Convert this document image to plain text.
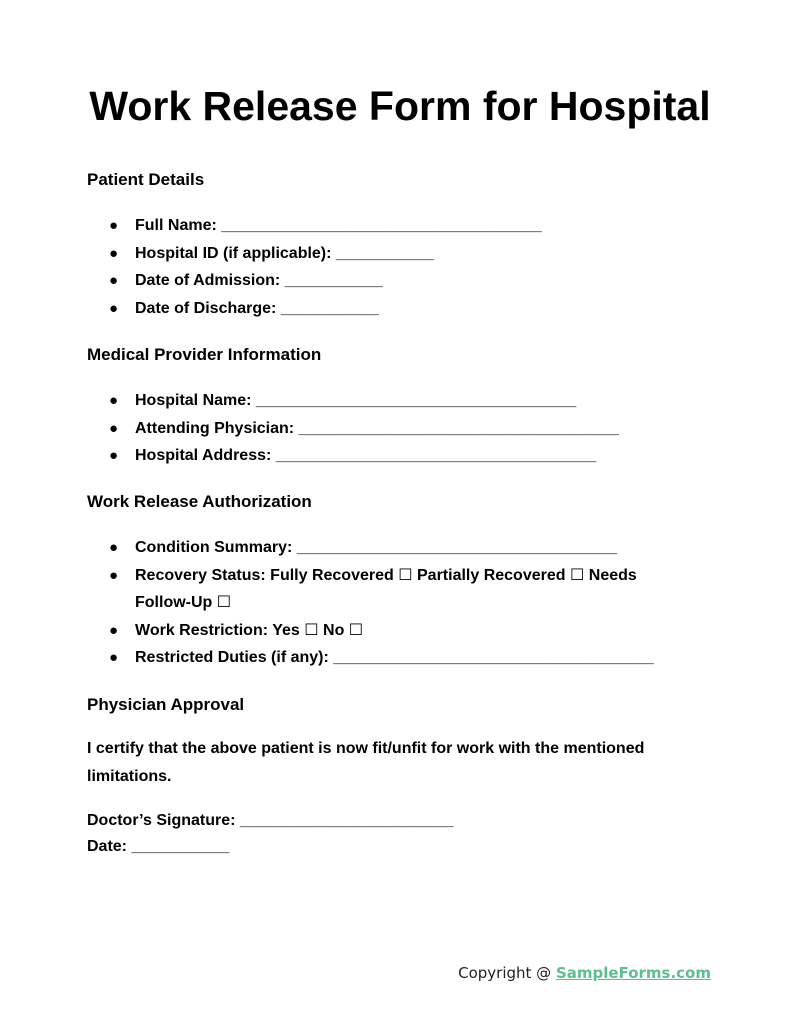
Work Release Form for Hospital
Patient Details
● Full Name: ____________________________________
● Hospital ID (if applicable): ___________
● Date of Admission: ___________
● Date of Discharge: ___________
Medical Provider Information
● Hospital Name: ____________________________________
● Attending Physician: ____________________________________
● Hospital Address: ____________________________________
Work Release Authorization
● Condition Summary: ____________________________________
● Recovery Status: Fully Recovered ☐ Partially Recovered ☐ Needs Follow-Up ☐
● Work Restriction: Yes ☐ No ☐
● Restricted Duties (if any): ____________________________________
Physician Approval

I certify that the above patient is now fit/unfit for work with the mentioned limitations.

Doctor’s Signature: ________________________

Date: ___________

Copyright @ SampleForms.com
